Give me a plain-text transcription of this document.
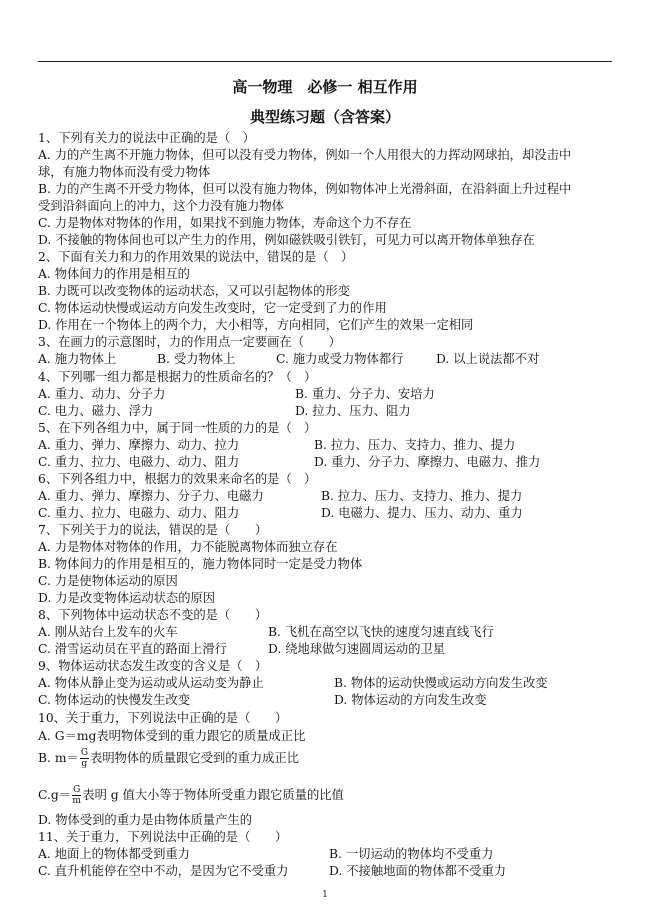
高一物理　必修一 相互作用
典型练习题（含答案）
1、下列有关力的说法中正确的是（　）
A. 力的产生离不开施力物体，但可以没有受力物体，例如一个人用很大的力挥动网球拍，却没击中
球，有施力物体而没有受力物体
B. 力的产生离不开受力物体，但可以没有施力物体，例如物体冲上光滑斜面，在沿斜面上升过程中
受到沿斜面向上的冲力，这个力没有施力物体
C. 力是物体对物体的作用，如果找不到施力物体，寿命这个力不存在
D. 不接触的物体间也可以产生力的作用，例如磁铁吸引铁钉，可见力可以离开物体单独存在
2、下面有关力和力的作用效果的说法中，错误的是（　）
A. 物体间力的作用是相互的
B. 力既可以改变物体的运动状态，又可以引起物体的形变
C. 物体运动快慢或运动方向发生改变时，它一定受到了力的作用
D. 作用在一个物体上的两个力，大小相等，方向相同，它们产生的效果一定相同
3、在画力的示意图时，力的作用点一定要画在（　　）
A. 施力物体上	B. 受力物体上	C. 施力或受力物体都行	D. 以上说法都不对
4、下列哪一组力都是根据力的性质命名的？（　）
A. 重力、动力、分子力	B. 重力、分子力、安培力
C. 电力、磁力、浮力	D. 拉力、压力、阻力
5、在下列各组力中，属于同一性质的力的是（　）
A. 重力、弹力、摩擦力、动力、拉力	B. 拉力、压力、支持力、推力、提力
C. 重力、拉力、电磁力、动力、阻力	D. 重力、分子力、摩擦力、电磁力、推力
6、下列各组力中，根据力的效果来命名的是（　）
A. 重力、弹力、摩擦力、分子力、电磁力	B. 拉力、压力、支持力、推力、提力
C. 重力、拉力、电磁力、动力、阻力	D. 电磁力、提力、压力、动力、重力
7、下列关于力的说法，错误的是（　　）
A. 力是物体对物体的作用，力不能脱离物体而独立存在
B. 物体间力的作用是相互的，施力物体同时一定是受力物体
C. 力是使物体运动的原因
D. 力是改变物体运动状态的原因
8、下列物体中运动状态不变的是（　　）
A. 刚从站台上发车的火车	B. 飞机在高空以飞快的速度匀速直线飞行
C. 滑雪运动员在平直的路面上滑行	D. 绕地球做匀速圆周运动的卫星
9、物体运动状态发生改变的含义是（　）
A. 物体从静止变为运动或从运动变为静止	B. 物体的运动快慢或运动方向发生改变
C. 物体运动的快慢发生改变	D. 物体运动的方向发生改变
10、关于重力，下列说法中正确的是（　　）
A. G＝mg表明物体受到的重力跟它的质量成正比
B. $m= \frac{G}{g}$ 表明物体的质量跟它受到的重力成正比
$C.g= \frac{G}{m}$ 表明 g 值大小等于物体所受重力跟它质量的比值
D. 物体受到的重力是由物体质量产生的
11、关于重力，下列说法中正确的是（　　）
A. 地面上的物体都受到重力	B. 一切运动的物体均不受重力
C. 直升机能停在空中不动，是因为它不受重力	D. 不接触地面的物体都不受重力
1
